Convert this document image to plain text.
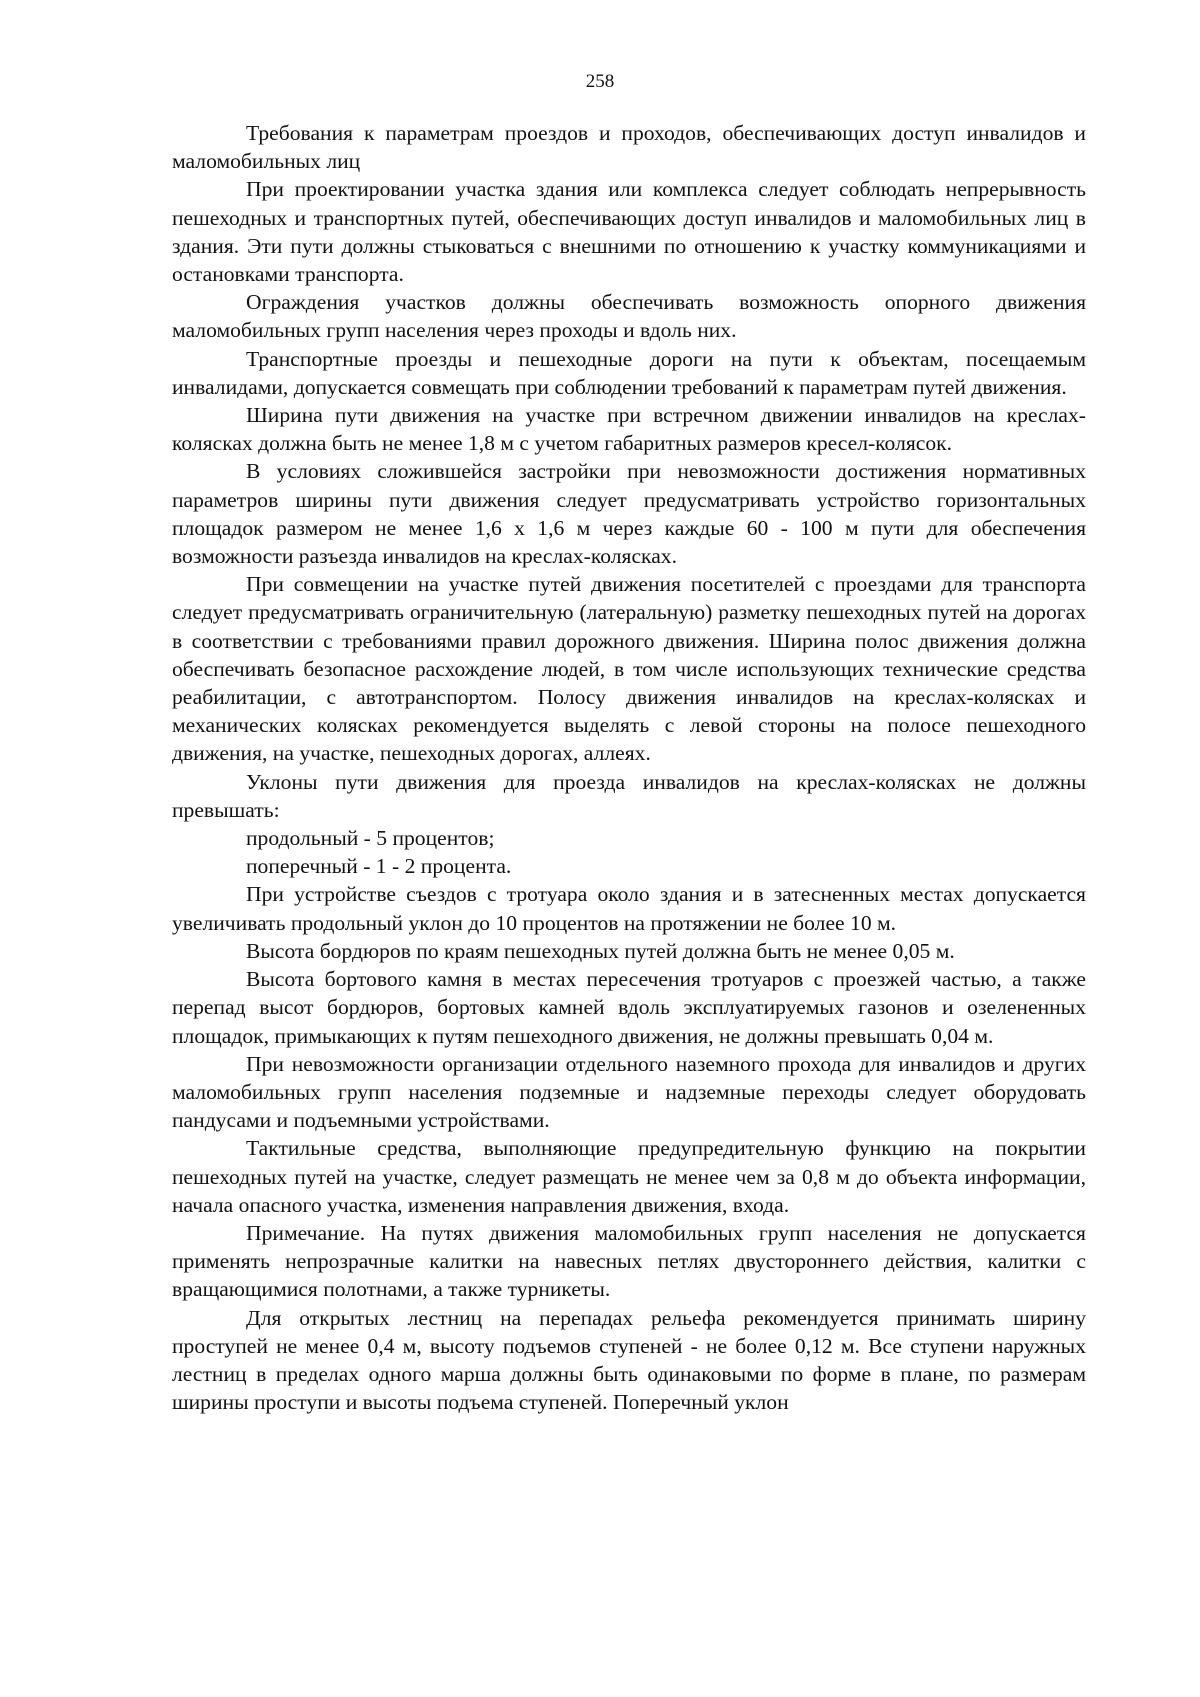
258

Требования к параметрам проездов и проходов, обеспечивающих доступ инвалидов и маломобильных лиц

При проектировании участка здания или комплекса следует соблюдать непрерывность пешеходных и транспортных путей, обеспечивающих доступ инвалидов и маломобильных лиц в здания. Эти пути должны стыковаться с внешними по отношению к участку коммуникациями и остановками транспорта.

Ограждения участков должны обеспечивать возможность опорного движения маломобильных групп населения через проходы и вдоль них.

Транспортные проезды и пешеходные дороги на пути к объектам, посещаемым инвалидами, допускается совмещать при соблюдении требований к параметрам путей движения.

Ширина пути движения на участке при встречном движении инвалидов на креслах-колясках должна быть не менее 1,8 м с учетом габаритных размеров кресел-колясок.

В условиях сложившейся застройки при невозможности достижения нормативных параметров ширины пути движения следует предусматривать устройство горизонтальных площадок размером не менее 1,6 x 1,6 м через каждые 60 - 100 м пути для обеспечения возможности разъезда инвалидов на креслах-колясках.

При совмещении на участке путей движения посетителей с проездами для транспорта следует предусматривать ограничительную (латеральную) разметку пешеходных путей на дорогах в соответствии с требованиями правил дорожного движения. Ширина полос движения должна обеспечивать безопасное расхождение людей, в том числе использующих технические средства реабилитации, с автотранспортом. Полосу движения инвалидов на креслах-колясках и механических колясках рекомендуется выделять с левой стороны на полосе пешеходного движения, на участке, пешеходных дорогах, аллеях.

Уклоны пути движения для проезда инвалидов на креслах-колясках не должны превышать:

продольный - 5 процентов;

поперечный - 1 - 2 процента.

При устройстве съездов с тротуара около здания и в затесненных местах допускается увеличивать продольный уклон до 10 процентов на протяжении не более 10 м.

Высота бордюров по краям пешеходных путей должна быть не менее 0,05 м.

Высота бортового камня в местах пересечения тротуаров с проезжей частью, а также перепад высот бордюров, бортовых камней вдоль эксплуатируемых газонов и озелененных площадок, примыкающих к путям пешеходного движения, не должны превышать 0,04 м.

При невозможности организации отдельного наземного прохода для инвалидов и других маломобильных групп населения подземные и надземные переходы следует оборудовать пандусами и подъемными устройствами.

Тактильные средства, выполняющие предупредительную функцию на покрытии пешеходных путей на участке, следует размещать не менее чем за 0,8 м до объекта информации, начала опасного участка, изменения направления движения, входа.

Примечание. На путях движения маломобильных групп населения не допускается применять непрозрачные калитки на навесных петлях двустороннего действия, калитки с вращающимися полотнами, а также турникеты.

Для открытых лестниц на перепадах рельефа рекомендуется принимать ширину проступей не менее 0,4 м, высоту подъемов ступеней - не более 0,12 м. Все ступени наружных лестниц в пределах одного марша должны быть одинаковыми по форме в плане, по размерам ширины проступи и высоты подъема ступеней. Поперечный уклон
